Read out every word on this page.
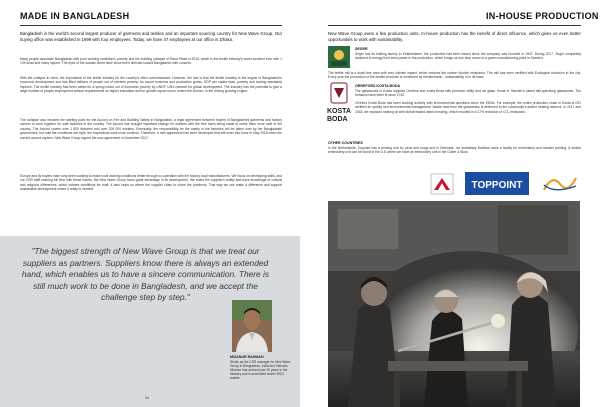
MADE IN BANGLADESH
Bangladesh is the world's second largest producer of garments and textiles and an important sourcing country for New Wave Group. Our buying office was established in 1999 with four employees. Today, we have 47 employees at our office in Dhaka.
Many people associate Bangladesh with poor working conditions, poverty and the building collapse of Rana Plaza in 2013, which is the textile industry's worst accident ever with 1 129 dead and many injured. The eyes of the outside world have since been directed toward Bangladesh with concern.
With the collapse in mind, the importance of the textile industry for the country's often overshadowed. However, the fact is that the textile industry is the engine in Bangladesh's economic development and has lifted millions of people out of extreme poverty. As export business and production grows, GDP per capita rises, poverty and lacking standards improve. The textile industry has been called for a spring board out of economic poverty by UNDP. UN's network for global development. The industry has the potential to give a large number of people employment without requirements on higher education and for gender equal norms, where the women, is the driving growing engine.
The collapse also became the starting point for the Accord on Fire and Building Safety in Bangladesh, a legal agreement between buyers of Bangladeshi garments and factory owners to work together for safe factories in the country. The Accord has brought important change for workers with the tree harm being made to make them more safe in the country. The Accord covers over 1 600 factories and over 200 000 workers. Eventually, the responsibility for the safety in the factories will be taken over by the Bangladeshi government, but until the conditions are right, the inspections work must continue. Therefore, a new agreement has been developed that will enter into force in May 2018 when the current accord expires. New Wave Group signed the new agreement in November 2017.
Europe and its buyers have long been working to make local working conditions better through co-operation with the factory local manufacturers. We focus on developing skills, and our CSR staff working full time with these issues, the New Wave Group focus great advantage in its development. We share the supplier's reality and have knowledge of cultural and religious differences, which creates conditions for trust. It also helps us where the supplier chain to share the problems. That way we can make a difference and support sustainable development where it really is needed.
"The biggest strength of New Wave Group is that we treat our suppliers as partners. Suppliers know there is always an extended hand, which enables us to have a sincere communication. There is still much work to be done in Bangladesh, and we accept the challenge step by step."
MIZANUR RAHMAN
Works as the CSR manager for New Wave Group in Bangladesh, India and Vietnam. Mizanur has worked over 20 years in the industry and is accredited amfori BSCI-auditor.
34
IN-HOUSE PRODUCTION
New Wave Group owns a few production units. In-house production has the benefit of direct influence, which gives us even better opportunities to work with sustainability.
SEGER
Seger has its knitting factory in Kristinehamn; the production has been based since the company was founded in 1947. During 2017, Seger completely switched to energy from wind power in the production, which brings us one step closer to a green manufacturing plant in Sweden.
The textile mill is a fossil-free area with zero climate impact, which reduces the carbon dioxide emissions. The mill has been certified with Ecological reduction in the city. Every year the production of the knitted products is monitored by Kristinehamn - sustainability in in its base.
KOSTA
BODA
ORREFORS KOSTA BODA
The glassworks in Kosta supplies Orrefors and Kosta Boda with premium utility and art glass. Kosta is Sweden's oldest still-operating glassworks. The furnaces have been lit since 1742.
Orrefors Kosta Boda has been working actively with environmental questions since the 1990s. For example, the entire production chain in Kosta is ISO certified for quality and environmental management. Waste heat from the glassworks is delivered to the community's district heating network. In 2017 and 2018, we replaced heating oil with biofuel based district heating, which resulted in a 17% reduction of CO₂ emissions.
OTHER COUNTRIES
In the Netherlands, Toppoint has a printing unit for pens and mugs and in Denmark, our subsidiary Dahetra owns a facility for embroidery and transfer printing. A similar embroidery unit can be found in the U.S where we have an embroidery unit in the Cutter & Buck.
TOPPOINT
